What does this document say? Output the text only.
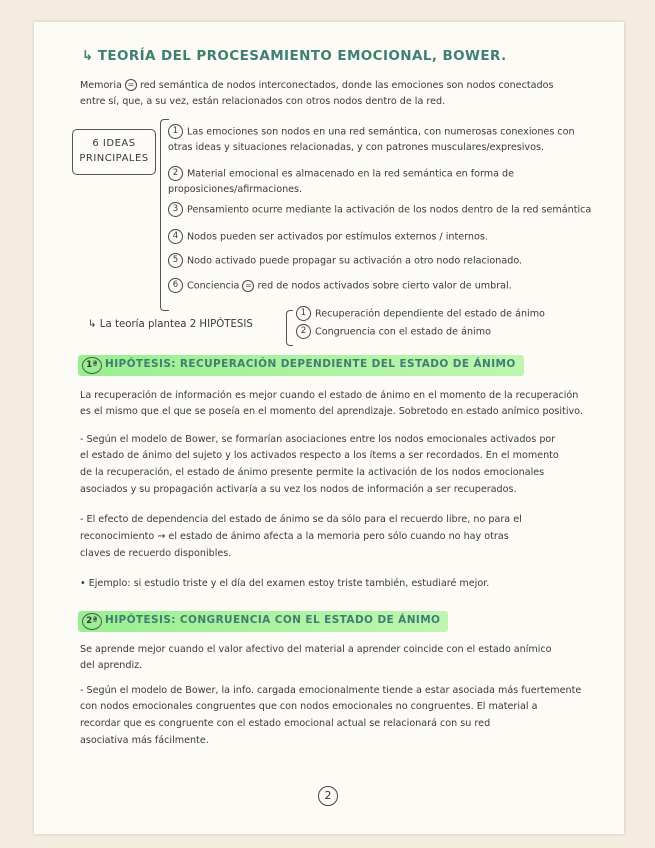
↳ TEORÍA DEL PROCESAMIENTO EMOCIONAL, BOWER.
Memoria = red semántica de nodos interconectados, donde las emociones son nodos conectados
entre sí, que, a su vez, están relacionados con otros nodos dentro de la red.
6 IDEAS
PRINCIPALES
1 Las emociones son nodos en una red semántica, con numerosas conexiones con
otras ideas y situaciones relacionadas, y con patrones musculares/expresivos.
2 Material emocional es almacenado en la red semántica en forma de
proposiciones/afirmaciones.
3 Pensamiento ocurre mediante la activación de los nodos dentro de la red semántica
4 Nodos pueden ser activados por estímulos externos / internos.
5 Nodo activado puede propagar su activación a otro nodo relacionado.
6 Conciencia = red de nodos activados sobre cierto valor de umbral.
↳ La teoría plantea 2 HIPÓTESIS
1 Recuperación dependiente del estado de ánimo
2 Congruencia con el estado de ánimo
1ª HIPÓTESIS: RECUPERACIÓN DEPENDIENTE DEL ESTADO DE ÁNIMO
La recuperación de información es mejor cuando el estado de ánimo en el momento de la recuperación
es el mismo que el que se poseía en el momento del aprendizaje. Sobretodo en estado anímico positivo.
- Según el modelo de Bower, se formarían asociaciones entre los nodos emocionales activados por
el estado de ánimo del sujeto y los activados respecto a los ítems a ser recordados. En el momento
de la recuperación, el estado de ánimo presente permite la activación de los nodos emocionales
asociados y su propagación activaría a su vez los nodos de información a ser recuperados.
- El efecto de dependencia del estado de ánimo se da sólo para el recuerdo libre, no para el
reconocimiento → el estado de ánimo afecta a la memoria pero sólo cuando no hay otras
claves de recuerdo disponibles.
• Ejemplo: si estudio triste y el día del examen estoy triste también, estudiaré mejor.
2ª HIPÓTESIS: CONGRUENCIA CON EL ESTADO DE ÁNIMO
Se aprende mejor cuando el valor afectivo del material a aprender coincide con el estado anímico
del aprendiz.
- Según el modelo de Bower, la info. cargada emocionalmente tiende a estar asociada más fuertemente
con nodos emocionales congruentes que con nodos emocionales no congruentes. El material a
recordar que es congruente con el estado emocional actual se relacionará con su red
asociativa más fácilmente.
2
